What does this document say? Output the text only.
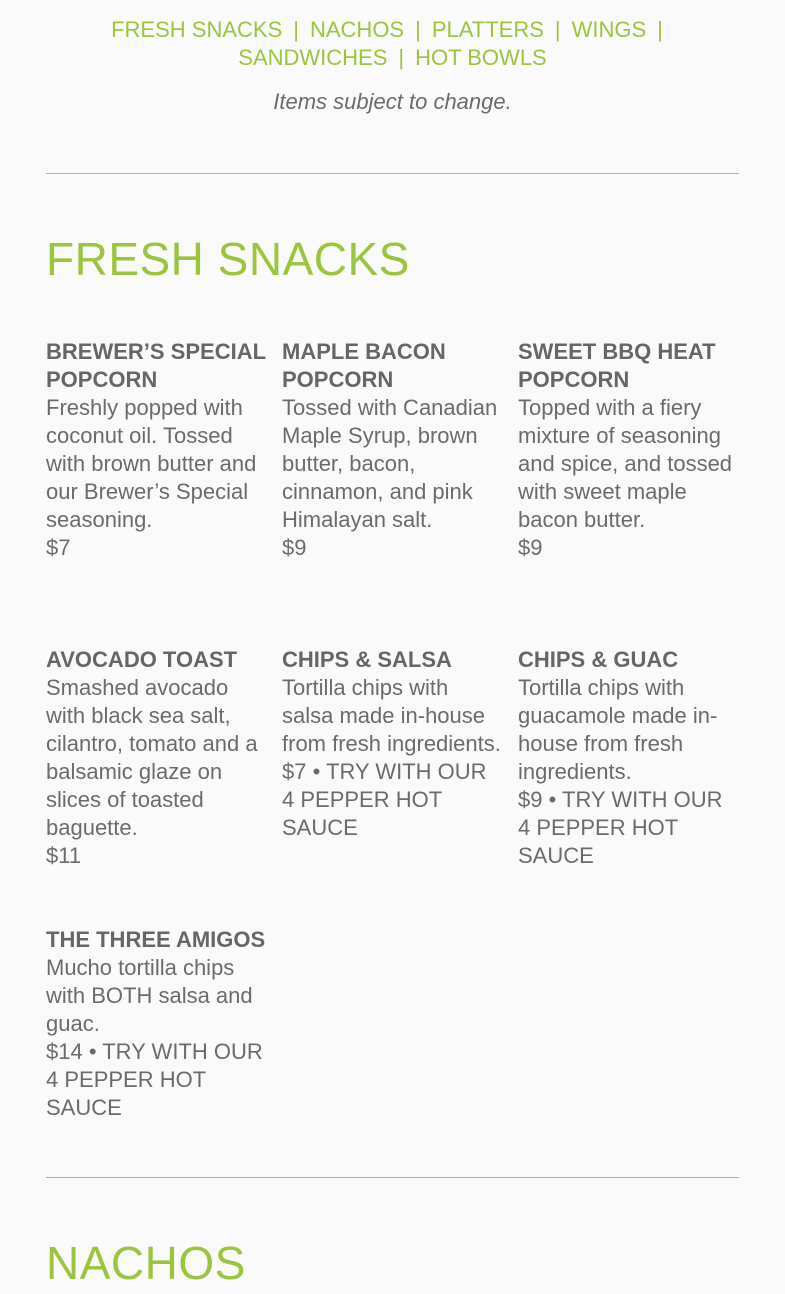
FRESH SNACKS | NACHOS | PLATTERS | WINGS |
SANDWICHES | HOT BOWLS
Items subject to change.
FRESH SNACKS
BREWER’S SPECIAL POPCORN
Freshly popped with coconut oil. Tossed with brown butter and our Brewer’s Special seasoning.
$7
MAPLE BACON POPCORN
Tossed with Canadian Maple Syrup, brown butter, bacon, cinnamon, and pink Himalayan salt.
$9
SWEET BBQ HEAT POPCORN
Topped with a fiery mixture of seasoning and spice, and tossed with sweet maple bacon butter.
$9
AVOCADO TOAST
Smashed avocado with black sea salt, cilantro, tomato and a balsamic glaze on slices of toasted baguette.
$11
CHIPS & SALSA
Tortilla chips with salsa made in-house from fresh ingredients.
$7 • TRY WITH OUR 4 PEPPER HOT SAUCE
CHIPS & GUAC
Tortilla chips with guacamole made in-house from fresh ingredients.
$9 • TRY WITH OUR 4 PEPPER HOT SAUCE
THE THREE AMIGOS
Mucho tortilla chips with BOTH salsa and guac.
$14 • TRY WITH OUR 4 PEPPER HOT SAUCE
NACHOS
